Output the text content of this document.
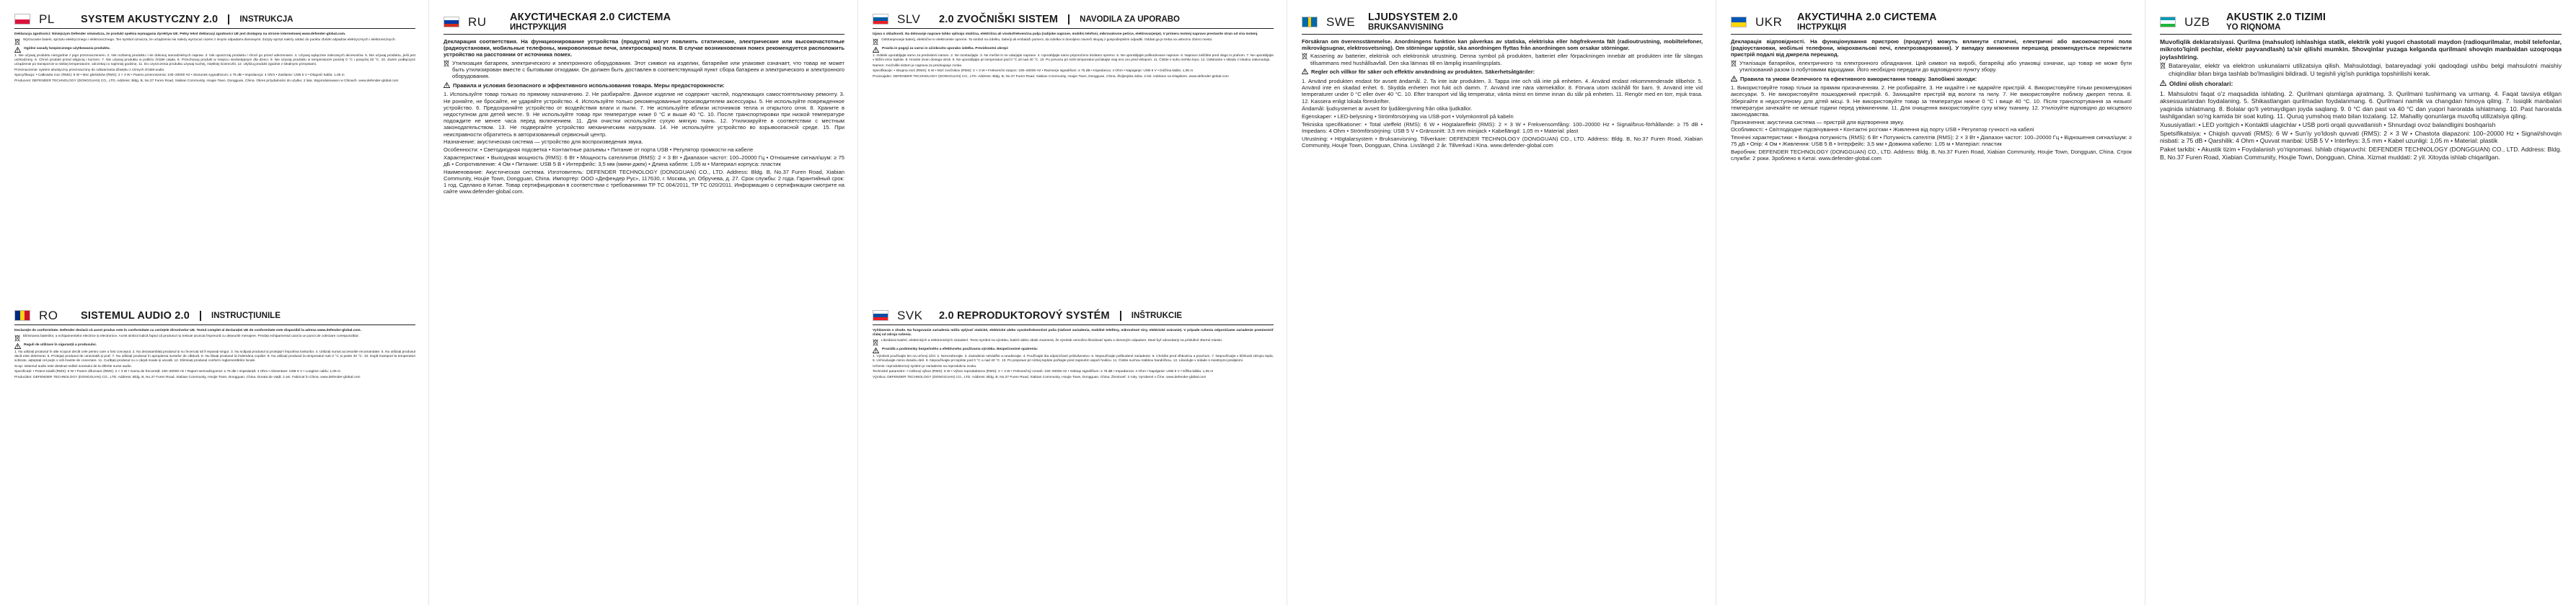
PL	SYSTEM AKUSTYCZNY 2.0	INSTRUKCJA

Deklaracja zgodności: Niniejszym Defender oświadcza, że produkt spełnia wymagania dyrektyw UE. Pełny tekst deklaracji zgodności UE jest dostępny na stronie internetowej www.defender-global.com.

Wyrzucanie baterii, sprzętu elektrycznego i elektronicznego. Ten symbol oznacza, że urządzenia nie należy wyrzucać razem z innymi odpadami domowymi. Zużyty sprzęt należy oddać do punktu zbiórki odpadów elektrycznych i elektronicznych.

Ogólne zasady bezpiecznego użytkowania produktu.

1. Nie używaj produktu niezgodnie z jego przeznaczeniem. 2. Nie rozbieraj produktu i nie dokonuj samodzielnych napraw. 3. Nie upuszczaj produktu i chroń go przed uderzeniami. 4. Używaj wyłącznie zalecanych akcesoriów. 5. Nie używaj produktu, jeśli jest uszkodzony. 6. Chroń produkt przed wilgocią i kurzem. 7. Nie używaj produktu w pobliżu źródeł ciepła. 8. Przechowuj produkt w miejscu niedostępnym dla dzieci. 9. Nie używaj produktu w temperaturze poniżej 0 °C i powyżej 40 °C. 10. Zanim podłączysz urządzenie po transporcie w niskiej temperaturze, odczekaj co najmniej godzinę. 11. Do czyszczenia produktu używaj suchej, miękkiej ściereczki. 12. Utylizuj produkt zgodnie z lokalnymi przepisami.

Przeznaczenie: system akustyczny przeznaczony do odtwarzania dźwięku z różnych źródeł audio.

Specyfikacja: • Całkowita moc (RMS): 6 W • Moc głośników (RMS): 2 × 3 W • Pasmo przenoszenia: 100–20000 Hz • Stosunek sygnał/szum: ≥ 75 dB • Impedancja: 4 Ohm • Zasilanie: USB 5 V • Długość kabla: 1,05 m

Producent: DEFENDER TECHNOLOGY (DONGGUAN) CO., LTD. Address: Bldg. B, No.37 Furen Road, Xiabian Community, Houjie Town, Dongguan, China. Okres przydatności do użytku: 2 lata. Wyprodukowano w Chinach. www.defender-global.com

RO	SISTEMUL AUDIO 2.0	INSTRUCȚIUNILE

Declarație de conformitate. Defender declară că acest produs este în conformitate cu cerințele directivelor UE. Textul complet al declarației UE de conformitate este disponibil la adresa www.defender-global.com.

Eliminarea bateriilor, a echipamentelor electrice și electronice. Acest simbol indică faptul că produsul nu trebuie aruncat împreună cu deșeurile menajere. Predați echipamentul uzat la un punct de colectare corespunzător.

Reguli de utilizare în siguranță a produsului.

1. Nu utilizați produsul în alte scopuri decât cele pentru care a fost conceput. 2. Nu dezasamblați produsul și nu încercați să îl reparați singur. 3. Nu scăpați produsul și protejați-l împotriva loviturilor. 4. Utilizați numai accesoriile recomandate. 5. Nu utilizați produsul dacă este deteriorat. 6. Protejați produsul de umezeală și praf. 7. Nu utilizați produsul în apropierea surselor de căldură. 8. Nu lăsați produsul la îndemâna copiilor. 9. Nu utilizați produsul la temperaturi sub 0 °C și peste 40 °C. 10. După transport la temperaturi scăzute, așteptați cel puțin o oră înainte de conectare. 11. Curățați produsul cu o cârpă moale și uscată. 12. Eliminați produsul conform reglementărilor locale.

Scop: sistemul audio este destinat redării sunetului de la diferite surse audio.

Specificații: • Putere totală (RMS): 6 W • Putere difuzoare (RMS): 2 × 3 W • Gama de frecvență: 100–20000 Hz • Raport semnal/zgomot: ≥ 75 dB • Impedanță: 4 Ohm • Alimentare: USB 5 V • Lungime cablu: 1,05 m

Producător: DEFENDER TECHNOLOGY (DONGGUAN) CO., LTD. Address: Bldg. B, No.37 Furen Road, Xiabian Community, Houjie Town, Dongguan, China. Durata de viață: 2 ani. Fabricat în China. www.defender-global.com

RU	АКУСТИЧЕСКАЯ 2.0 СИСТЕМА
ИНСТРУКЦИЯ

Декларация соответствия. На функционирование устройства (продукта) могут повлиять статические, электрические или высокочастотные (радиоустановки, мобильные телефоны, микроволновые печи, электросварка) поля. В случае возникновения помех рекомендуется расположить устройство на расстоянии от источника помех.

Утилизация батареек, электрического и электронного оборудования. Этот символ на изделии, батарейке или упаковке означает, что товар не может быть утилизирован вместе с бытовыми отходами. Он должен быть доставлен в соответствующий пункт сбора батареек и электрического и электронного оборудования.

Правила и условия безопасного и эффективного использования товара. Меры предосторожности:

1. Используйте товар только по прямому назначению. 2. Не разбирайте. Данное изделие не содержит частей, подлежащих самостоятельному ремонту. 3. Не роняйте, не бросайте, не ударяйте устройство. 4. Используйте только рекомендованные производителем аксессуары. 5. Не используйте поврежденное устройство. 6. Предохраняйте устройство от воздействия влаги и пыли. 7. Не используйте вблизи источников тепла и открытого огня. 8. Храните в недоступном для детей месте. 9. Не используйте товар при температуре ниже 0 °C и выше 40 °C. 10. После транспортировки при низкой температуре подождите не менее часа перед включением. 11. Для очистки используйте сухую мягкую ткань. 12. Утилизируйте в соответствии с местным законодательством. 13. Не подвергайте устройство механическим нагрузкам. 14. Не используйте устройство во взрывоопасной среде. 15. При неисправности обратитесь в авторизованный сервисный центр.

Назначение: акустическая система — устройство для воспроизведения звука.

Особенности: • Светодиодная подсветка • Контактные разъемы • Питание от порта USB • Регулятор громкости на кабеле

Характеристики: • Выходная мощность (RMS): 6 Вт • Мощность сателлитов (RMS): 2 × 3 Вт • Диапазон частот: 100–20000 Гц • Отношение сигнал/шум: ≥ 75 дБ • Сопротивление: 4 Ом • Питание: USB 5 В • Интерфейс: 3,5 мм (мини-джек) • Длина кабеля: 1,05 м • Материал корпуса: пластик

Наименование: Акустическая система. Изготовитель: DEFENDER TECHNOLOGY (DONGGUAN) CO., LTD. Address: Bldg. B, No.37 Furen Road, Xiabian Community, Houjie Town, Dongguan, China. Импортёр: ООО «Дефендер Рус», 117630, г. Москва, ул. Обручева, д. 27. Срок службы: 2 года. Гарантийный срок: 1 год. Сделано в Китае. Товар сертифицирован в соответствии с требованиями ТР ТС 004/2011, ТР ТС 020/2011. Информацию о сертификации смотрите на сайте www.defender-global.com.

SLV	2.0 ZVOČNIŠKI SISTEM	NAVODILA ZA UPORABO

Izjava o skladnosti. Na delovanje naprave lahko vplivajo statična, električna ali visokofrekvenčna polja (radijske naprave, mobilni telefoni, mikrovalovne pečice, elektrovarjenje). V primeru motenj napravo prestavite stran od vira motenj.

Odstranjevanje baterij, električne in elektronske opreme. Ta simbol na izdelku, bateriji ali embalaži pomeni, da izdelka ni dovoljeno zavreči skupaj z gospodinjskimi odpadki. Oddati ga je treba na ustrezno zbirno mesto.

Pravila in pogoji za varno in učinkovito uporabo izdelka. Previdnostni ukrepi:

1. Izdelek uporabljajte samo za predvideni namen. 2. Ne razstavljajte. 3. Ne mečite in ne udarjajte naprave. 4. Uporabljajte samo priporočeno dodatno opremo. 5. Ne uporabljajte poškodovane naprave. 6. Napravo zaščitite pred vlago in prahom. 7. Ne uporabljajte v bližini virov toplote. 8. Hranite izven dosega otrok. 9. Ne uporabljajte pri temperaturi pod 0 °C ali nad 40 °C. 10. Po prevozu pri nizki temperaturi počakajte vsaj eno uro pred vklopom. 11. Čistite s suho mehko krpo. 12. Odstranite v skladu z lokalno zakonodajo.

Namen: zvočniški sistem je naprava za predvajanje zvoka.

Specifikacije: • Skupna moč (RMS): 6 W • Moč zvočnikov (RMS): 2 × 3 W • Frekvenčni razpon: 100–20000 Hz • Razmerje signal/šum: ≥ 75 dB • Impedanca: 4 Ohm • Napajanje: USB 5 V • Dolžina kabla: 1,05 m

Proizvajalec: DEFENDER TECHNOLOGY (DONGGUAN) CO., LTD. Address: Bldg. B, No.37 Furen Road, Xiabian Community, Houjie Town, Dongguan, China. Življenjska doba: 2 leti. Izdelano na Kitajskem. www.defender-global.com

SVK	2.0 REPRODUKTOROVÝ SYSTÉM	INŠTRUKCIE

Vyhlásenie o zhode. Na fungovanie zariadenia môžu vplývať statické, elektrické alebo vysokofrekvenčné polia (rádiové zariadenia, mobilné telefóny, mikrovlnné rúry, elektrické zváranie). V prípade rušenia odporúčame zariadenie premiestniť ďalej od zdroja rušenia.

Likvidácia batérií, elektrických a elektronických zariadení. Tento symbol na výrobku, batérii alebo obale znamená, že výrobok nemožno likvidovať spolu s domovým odpadom. Musí byť odovzdaný na príslušné zberné miesto.

Pravidlá a podmienky bezpečného a efektívneho používania výrobku. Bezpečnostné opatrenia:

1. Výrobok používajte len na určený účel. 2. Nerozoberajte. 3. Zariadenie nehádžte a neudierajte. 4. Používajte iba odporúčané príslušenstvo. 5. Nepoužívajte poškodené zariadenie. 6. Chráňte pred vlhkosťou a prachom. 7. Nepoužívajte v blízkosti zdrojov tepla. 8. Uchovávajte mimo dosahu detí. 9. Nepoužívajte pri teplote pod 0 °C a nad 40 °C. 10. Po preprave pri nízkej teplote počkajte pred zapnutím aspoň hodinu. 11. Čistite suchou mäkkou handričkou. 12. Likvidujte v súlade s miestnymi predpismi.

Určenie: reproduktorový systém je zariadenie na reprodukciu zvuku.

Technické parametre: • Celkový výkon (RMS): 6 W • Výkon reproduktorov (RMS): 2 × 3 W • Frekvenčný rozsah: 100–20000 Hz • Odstup signál/šum: ≥ 75 dB • Impedancia: 4 Ohm • Napájanie: USB 5 V • Dĺžka kábla: 1,05 m

Výrobca: DEFENDER TECHNOLOGY (DONGGUAN) CO., LTD. Address: Bldg. B, No.37 Furen Road, Xiabian Community, Houjie Town, Dongguan, China. Životnosť: 2 roky. Vyrobené v Číne. www.defender-global.com

SWE LJUDSYSTEM 2.0
BRUKSANVISNING

Försäkran om överensstämmelse. Anordningens funktion kan påverkas av statiska, elektriska eller högfrekventa fält (radioutrustning, mobiltelefoner, mikrovågsugnar, elektrosvetsning). Om störningar uppstår, ska anordningen flyttas från anordningen som orsakar störningar.

Kassering av batterier, elektrisk och elektronisk utrustning. Denna symbol på produkten, batteriet eller förpackningen innebär att produkten inte får slängas tillsammans med hushållsavfall. Den ska lämnas till en lämplig insamlingsplats.

Regler och villkor för säker och effektiv användning av produkten. Säkerhetsåtgärder:

1. Använd produkten endast för avsett ändamål. 2. Ta inte isär produkten. 3. Tappa inte och slå inte på enheten. 4. Använd endast rekommenderade tillbehör. 5. Använd inte en skadad enhet. 6. Skydda enheten mot fukt och damm. 7. Använd inte nära värmekällor. 8. Förvara utom räckhåll för barn. 9. Använd inte vid temperaturer under 0 °C eller över 40 °C. 10. Efter transport vid låg temperatur, vänta minst en timme innan du slår på enheten. 11. Rengör med en torr, mjuk trasa. 12. Kassera enligt lokala föreskrifter.

Ändamål: ljudsystemet är avsett för ljudåtergivning från olika ljudkällor.

Egenskaper: • LED-belysning • Strömförsörjning via USB-port • Volymkontroll på kabeln

Tekniska specifikationer: • Total uteffekt (RMS): 6 W • Högtalareffekt (RMS): 2 × 3 W • Frekvensomfång: 100–20000 Hz • Signal/brus-förhållande: ≥ 75 dB • Impedans: 4 Ohm • Strömförsörjning: USB 5 V • Gränssnitt: 3,5 mm minijack • Kabellängd: 1,05 m • Material: plast

Utrustning: • Högtalarsystem • Bruksanvisning. Tillverkare: DEFENDER TECHNOLOGY (DONGGUAN) CO., LTD. Address: Bldg. B, No.37 Furen Road, Xiabian Community, Houjie Town, Dongguan, China. Livslängd: 2 år. Tillverkad i Kina. www.defender-global.com

UKR АКУСТИЧНА 2.0 СИСТЕМА
ІНСТРУКЦІЯ

Декларація відповідності. На функціонування пристрою (продукту) можуть вплинути статичні, електричні або високочастотні поля (радіоустановки, мобільні телефони, мікрохвильові печі, електрозварювання). У випадку виникнення перешкод рекомендується перемістити пристрій подалі від джерела перешкод.

Утилізація батарейок, електричного та електронного обладнання. Цей символ на виробі, батарейці або упаковці означає, що товар не може бути утилізований разом із побутовими відходами. Його необхідно передати до відповідного пункту збору.

Правила та умови безпечного та ефективного використання товару. Запобіжні заходи:

1. Використовуйте товар тільки за прямим призначенням. 2. Не розбирайте. 3. Не кидайте і не вдаряйте пристрій. 4. Використовуйте тільки рекомендовані аксесуари. 5. Не використовуйте пошкоджений пристрій. 6. Захищайте пристрій від вологи та пилу. 7. Не використовуйте поблизу джерел тепла. 8. Зберігайте в недоступному для дітей місці. 9. Не використовуйте товар за температури нижче 0 °C і вище 40 °C. 10. Після транспортування за низької температури зачекайте не менше години перед увімкненням. 11. Для очищення використовуйте суху м'яку тканину. 12. Утилізуйте відповідно до місцевого законодавства.

Призначення: акустична система — пристрій для відтворення звуку.

Особливості: • Світлодіодне підсвічування • Контактні роз'єми • Живлення від порту USB • Регулятор гучності на кабелі

Технічні характеристики: • Вихідна потужність (RMS): 6 Вт • Потужність сателітів (RMS): 2 × 3 Вт • Діапазон частот: 100–20000 Гц • Відношення сигнал/шум: ≥ 75 дБ • Опір: 4 Ом • Живлення: USB 5 В • Інтерфейс: 3,5 мм • Довжина кабелю: 1,05 м • Матеріал: пластик

Виробник: DEFENDER TECHNOLOGY (DONGGUAN) CO., LTD. Address: Bldg. B, No.37 Furen Road, Xiabian Community, Houjie Town, Dongguan, China. Строк служби: 2 роки. Зроблено в Китаї. www.defender-global.com

UZB	AKUSTIK 2.0 TIZIMI
YO RIQNOMA

Muvofiqlik deklaratsiyasi. Qurilma (mahsulot) ishlashiga statik, elektrik yoki yuqori chastotali maydon (radioqurilmalar, mobil telefonlar, mikroto'lqinli pechlar, elektr payvandlash) ta'sir qilishi mumkin. Shovqinlar yuzaga kelganda qurilmani shovqin manbaidan uzoqroqqa joylashtiring.

Batareyalar, elektr va elektron uskunalarni utilizatsiya qilish. Mahsulotdagi, batareyadagi yoki qadoqdagi ushbu belgi mahsulotni maishiy chiqindilar bilan birga tashlab bo'lmasligini bildiradi. U tegishli yig'ish punktiga topshirilishi kerak.

Oldini olish choralari:

1. Mahsulotni faqat o'z maqsadida ishlating. 2. Qurilmani qismlarga ajratmang. 3. Qurilmani tushirmang va urmang. 4. Faqat tavsiya etilgan aksessuarlardan foydalaning. 5. Shikastlangan qurilmadan foydalanmang. 6. Qurilmani namlik va changdan himoya qiling. 7. Issiqlik manbalari yaqinida ishlatmang. 8. Bolalar qo'li yetmaydigan joyda saqlang. 9. 0 °C dan past va 40 °C dan yuqori haroratda ishlatmang. 10. Past haroratda tashilgandan so'ng kamida bir soat kuting. 11. Quruq yumshoq mato bilan tozalang. 12. Mahalliy qonunlarga muvofiq utilizatsiya qiling.

Xususiyatlari: • LED yoritgich • Kontaktli ulagichlar • USB porti orqali quvvatlanish • Shnurdagi ovoz balandligini boshqarish

Spetsifikatsiya: • Chiqish quvvati (RMS): 6 W • Sun'iy yo'ldosh quvvati (RMS): 2 × 3 W • Chastota diapazoni: 100–20000 Hz • Signal/shovqin nisbati: ≥ 75 dB • Qarshilik: 4 Ohm • Quvvat manbai: USB 5 V • Interfeys: 3,5 mm • Kabel uzunligi: 1,05 m • Material: plastik

Paket tarkibi: • Akustik tizim • Foydalanish yo'riqnomasi. Ishlab chiqaruvchi: DEFENDER TECHNOLOGY (DONGGUAN) CO., LTD. Address: Bldg. B, No.37 Furen Road, Xiabian Community, Houjie Town, Dongguan, China. Xizmat muddati: 2 yil. Xitoyda ishlab chiqarilgan.
